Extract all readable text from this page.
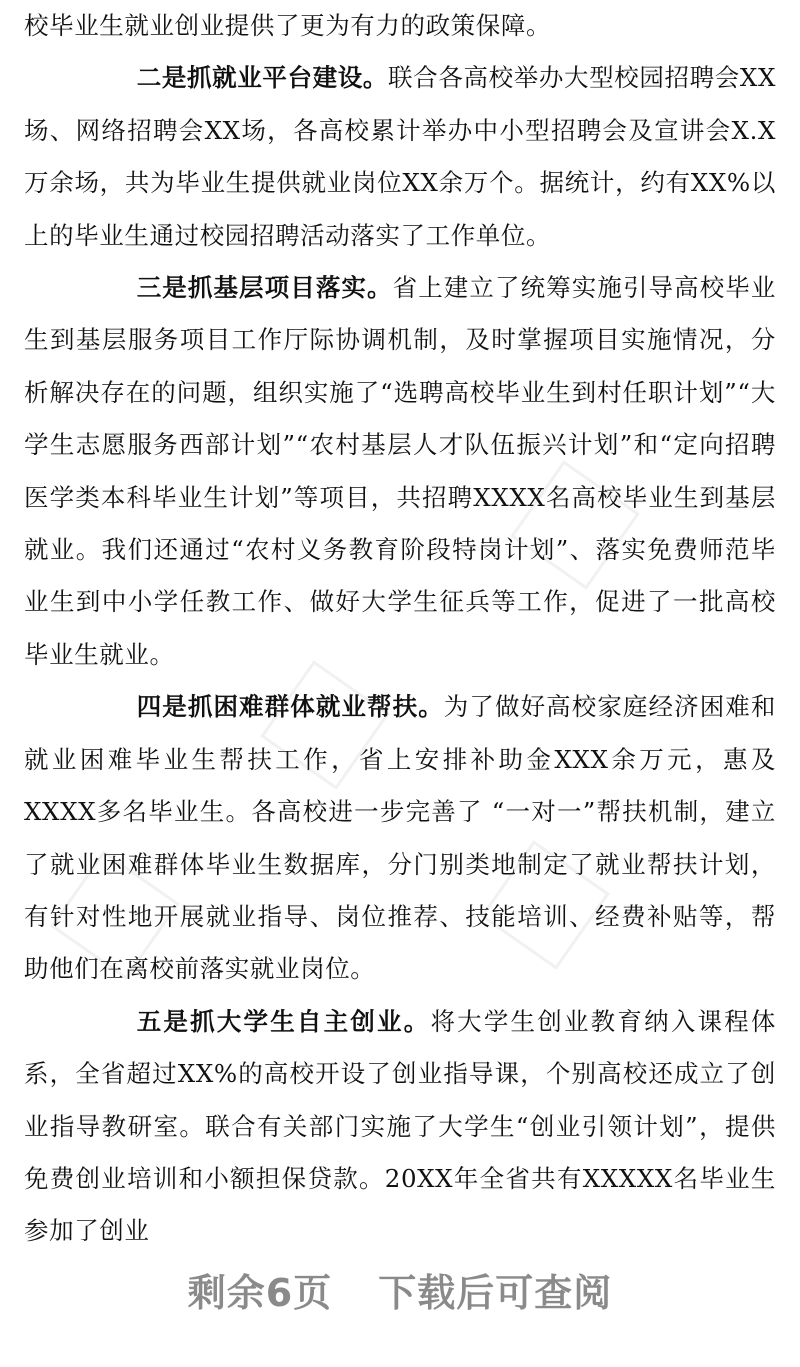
校毕业生就业创业提供了更为有力的政策保障。

二是抓就业平台建设。联合各高校举办大型校园招聘会XX场、网络招聘会XX场，各高校累计举办中小型招聘会及宣讲会X.X万余场，共为毕业生提供就业岗位XX余万个。据统计，约有XX%以上的毕业生通过校园招聘活动落实了工作单位。

三是抓基层项目落实。省上建立了统筹实施引导高校毕业生到基层服务项目工作厅际协调机制，及时掌握项目实施情况，分析解决存在的问题，组织实施了“选聘高校毕业生到村任职计划”“大学生志愿服务西部计划”“农村基层人才队伍振兴计划”和“定向招聘医学类本科毕业生计划”等项目，共招聘XXXX名高校毕业生到基层就业。我们还通过“农村义务教育阶段特岗计划”、落实免费师范毕业生到中小学任教工作、做好大学生征兵等工作，促进了一批高校毕业生就业。

四是抓困难群体就业帮扶。为了做好高校家庭经济困难和就业困难毕业生帮扶工作，省上安排补助金XXX余万元，惠及XXXX多名毕业生。各高校进一步完善了 “一对一”帮扶机制，建立了就业困难群体毕业生数据库，分门别类地制定了就业帮扶计划，有针对性地开展就业指导、岗位推荐、技能培训、经费补贴等，帮助他们在离校前落实就业岗位。

五是抓大学生自主创业。将大学生创业教育纳入课程体系，全省超过XX%的高校开设了创业指导课，个别高校还成立了创业指导教研室。联合有关部门实施了大学生“创业引领计划”，提供免费创业培训和小额担保贷款。20XX年全省共有XXXXX名毕业生参加了创业

剩余6页 下载后可查阅
